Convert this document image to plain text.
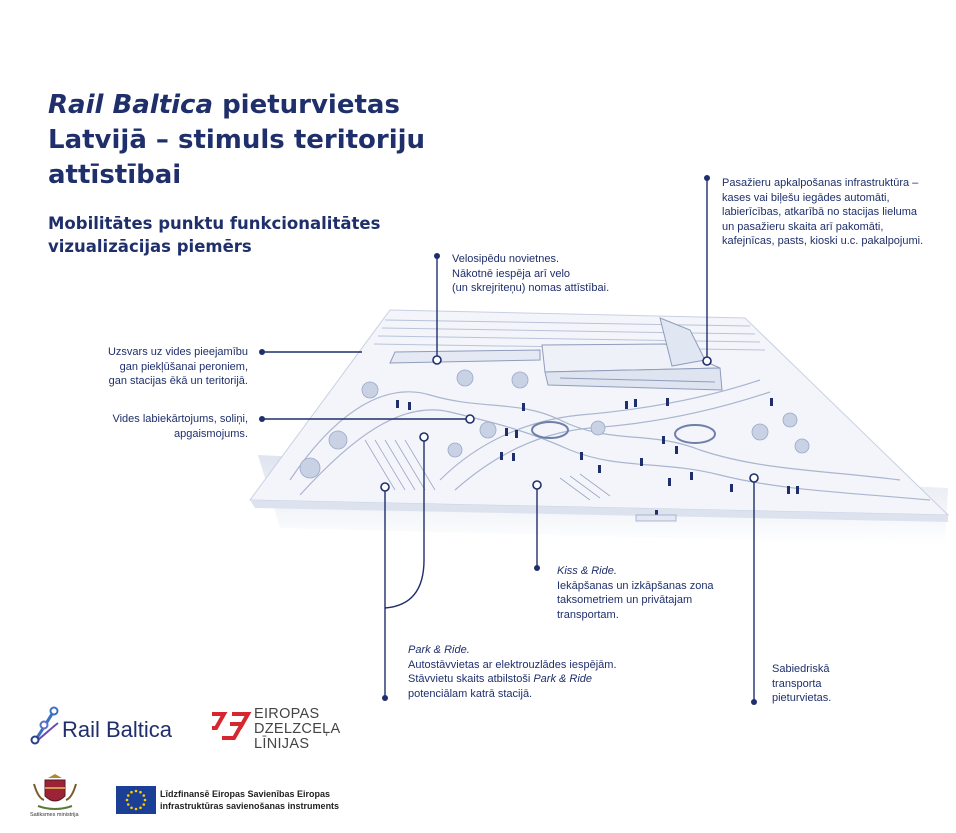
Rail Baltica pieturvietas
Latvijā – stimuls teritoriju
attīstībai
Mobilitātes punktu funkcionalitātes
vizualizācijas piemērs
Pasažieru apkalpošanas infrastruktūra –
kases vai biļešu iegādes automāti,
labierīcības, atkarībā no stacijas lieluma
un pasažieru skaita arī pakomāti,
kafejnīcas, pasts, kioski u.c. pakalpojumi.
Velosipēdu novietnes.
Nākotnē iespēja arī velo
(un skrejriteņu) nomas attīstībai.
Uzsvars uz vides pieejamību
gan piekļūšanai peroniem,
gan stacijas ēkā un teritorijā.
Vides labiekārtojums, soliņi,
apgaismojums.
Kiss & Ride.
Iekāpšanas un izkāpšanas zona
taksometriem un privātajam
transportam.
Park & Ride.
Autostāvvietas ar elektrouzlādes iespējām.
Stāvvietu skaits atbilstoši Park & Ride
potenciālam katrā stacijā.
Sabiedriskā
transporta
pieturvietas.
Rail Baltica
EIROPAS
DZELZCEĻA
LĪNIJAS
Satiksmes ministrija
Līdzfinansē Eiropas Savienības Eiropas
infrastruktūras savienošanas instruments
